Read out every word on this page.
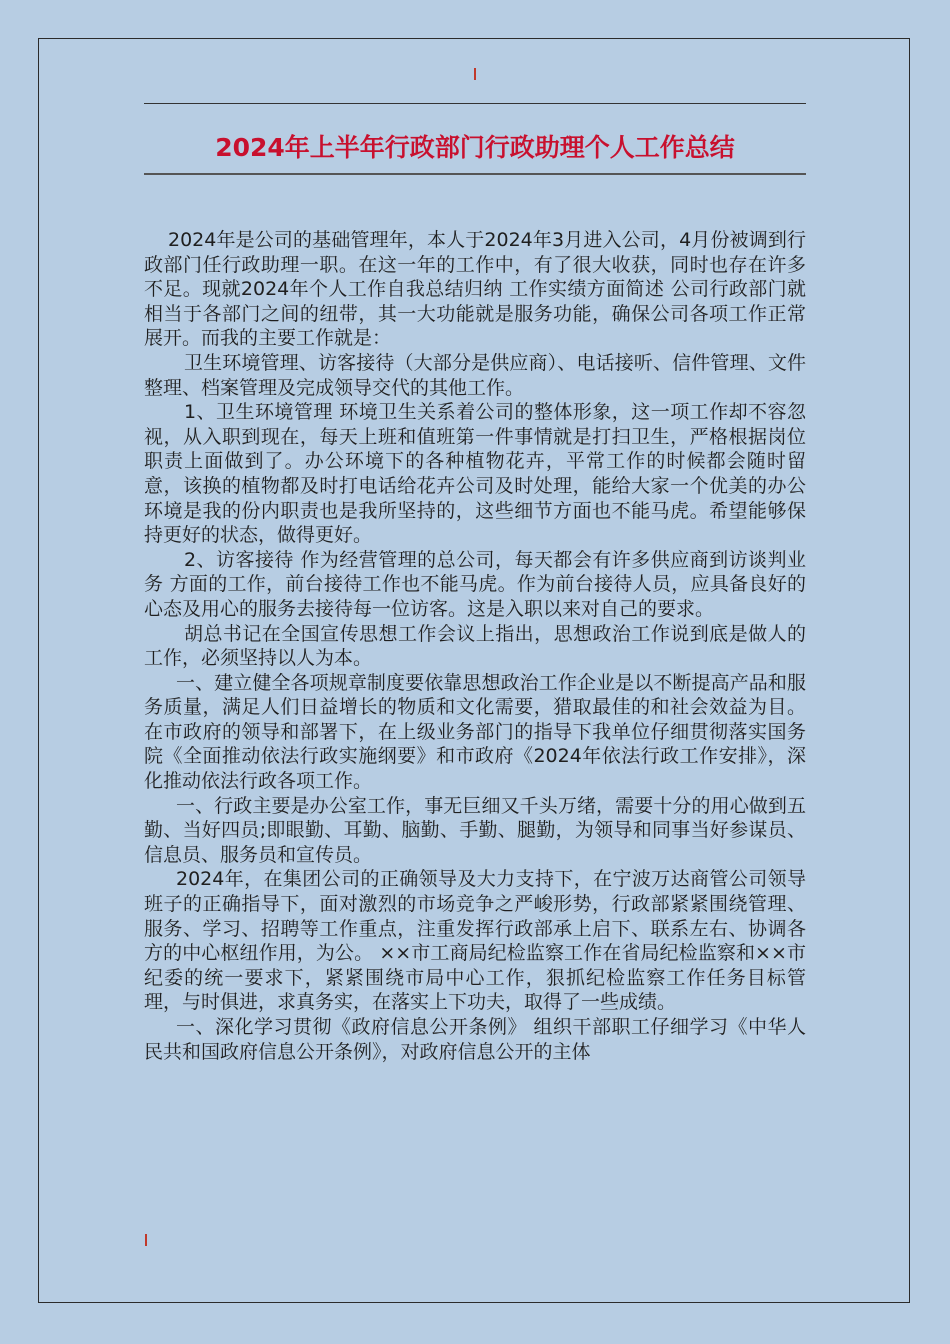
2024年上半年行政部门行政助理个人工作总结

2024年是公司的基础管理年，本人于2024年3月进入公司，4月份被调到行政部门任行政助理一职。在这一年的工作中，有了很大收获，同时也存在许多不足。现就2024年个人工作自我总结归纳 工作实绩方面简述 公司行政部门就相当于各部门之间的纽带，其一大功能就是服务功能，确保公司各项工作正常展开。而我的主要工作就是：

卫生环境管理、访客接待（大部分是供应商）、电话接听、信件管理、文件整理、档案管理及完成领导交代的其他工作。

1、卫生环境管理 环境卫生关系着公司的整体形象，这一项工作却不容忽视，从入职到现在，每天上班和值班第一件事情就是打扫卫生，严格根据岗位职责上面做到了。办公环境下的各种植物花卉，平常工作的时候都会随时留意，该换的植物都及时打电话给花卉公司及时处理，能给大家一个优美的办公环境是我的份内职责也是我所坚持的，这些细节方面也不能马虎。希望能够保持更好的状态，做得更好。

2、访客接待 作为经营管理的总公司，每天都会有许多供应商到访谈判业务 方面的工作，前台接待工作也不能马虎。作为前台接待人员，应具备良好的心态及用心的服务去接待每一位访客。这是入职以来对自己的要求。

胡总书记在全国宣传思想工作会议上指出，思想政治工作说到底是做人的工作，必须坚持以人为本。

一、建立健全各项规章制度要依靠思想政治工作企业是以不断提高产品和服务质量，满足人们日益增长的物质和文化需要，猎取最佳的和社会效益为目。 在市政府的领导和部署下，在上级业务部门的指导下我单位仔细贯彻落实国务院《全面推动依法行政实施纲要》和市政府《2024年依法行政工作安排》，深化推动依法行政各项工作。

一、行政主要是办公室工作，事无巨细又千头万绪，需要十分的用心做到五勤、当好四员;即眼勤、耳勤、脑勤、手勤、腿勤，为领导和同事当好参谋员、信息员、服务员和宣传员。

2024年，在集团公司的正确领导及大力支持下，在宁波万达商管公司领导班子的正确指导下，面对激烈的市场竞争之严峻形势，行政部紧紧围绕管理、服务、学习、招聘等工作重点，注重发挥行政部承上启下、联系左右、协调各方的中心枢纽作用，为公。 ××市工商局纪检监察工作在省局纪检监察和××市纪委的统一要求下，紧紧围绕市局中心工作，狠抓纪检监察工作任务目标管理，与时俱进，求真务实，在落实上下功夫，取得了一些成绩。

一、深化学习贯彻《政府信息公开条例》 组织干部职工仔细学习《中华人民共和国政府信息公开条例》，对政府信息公开的主体
